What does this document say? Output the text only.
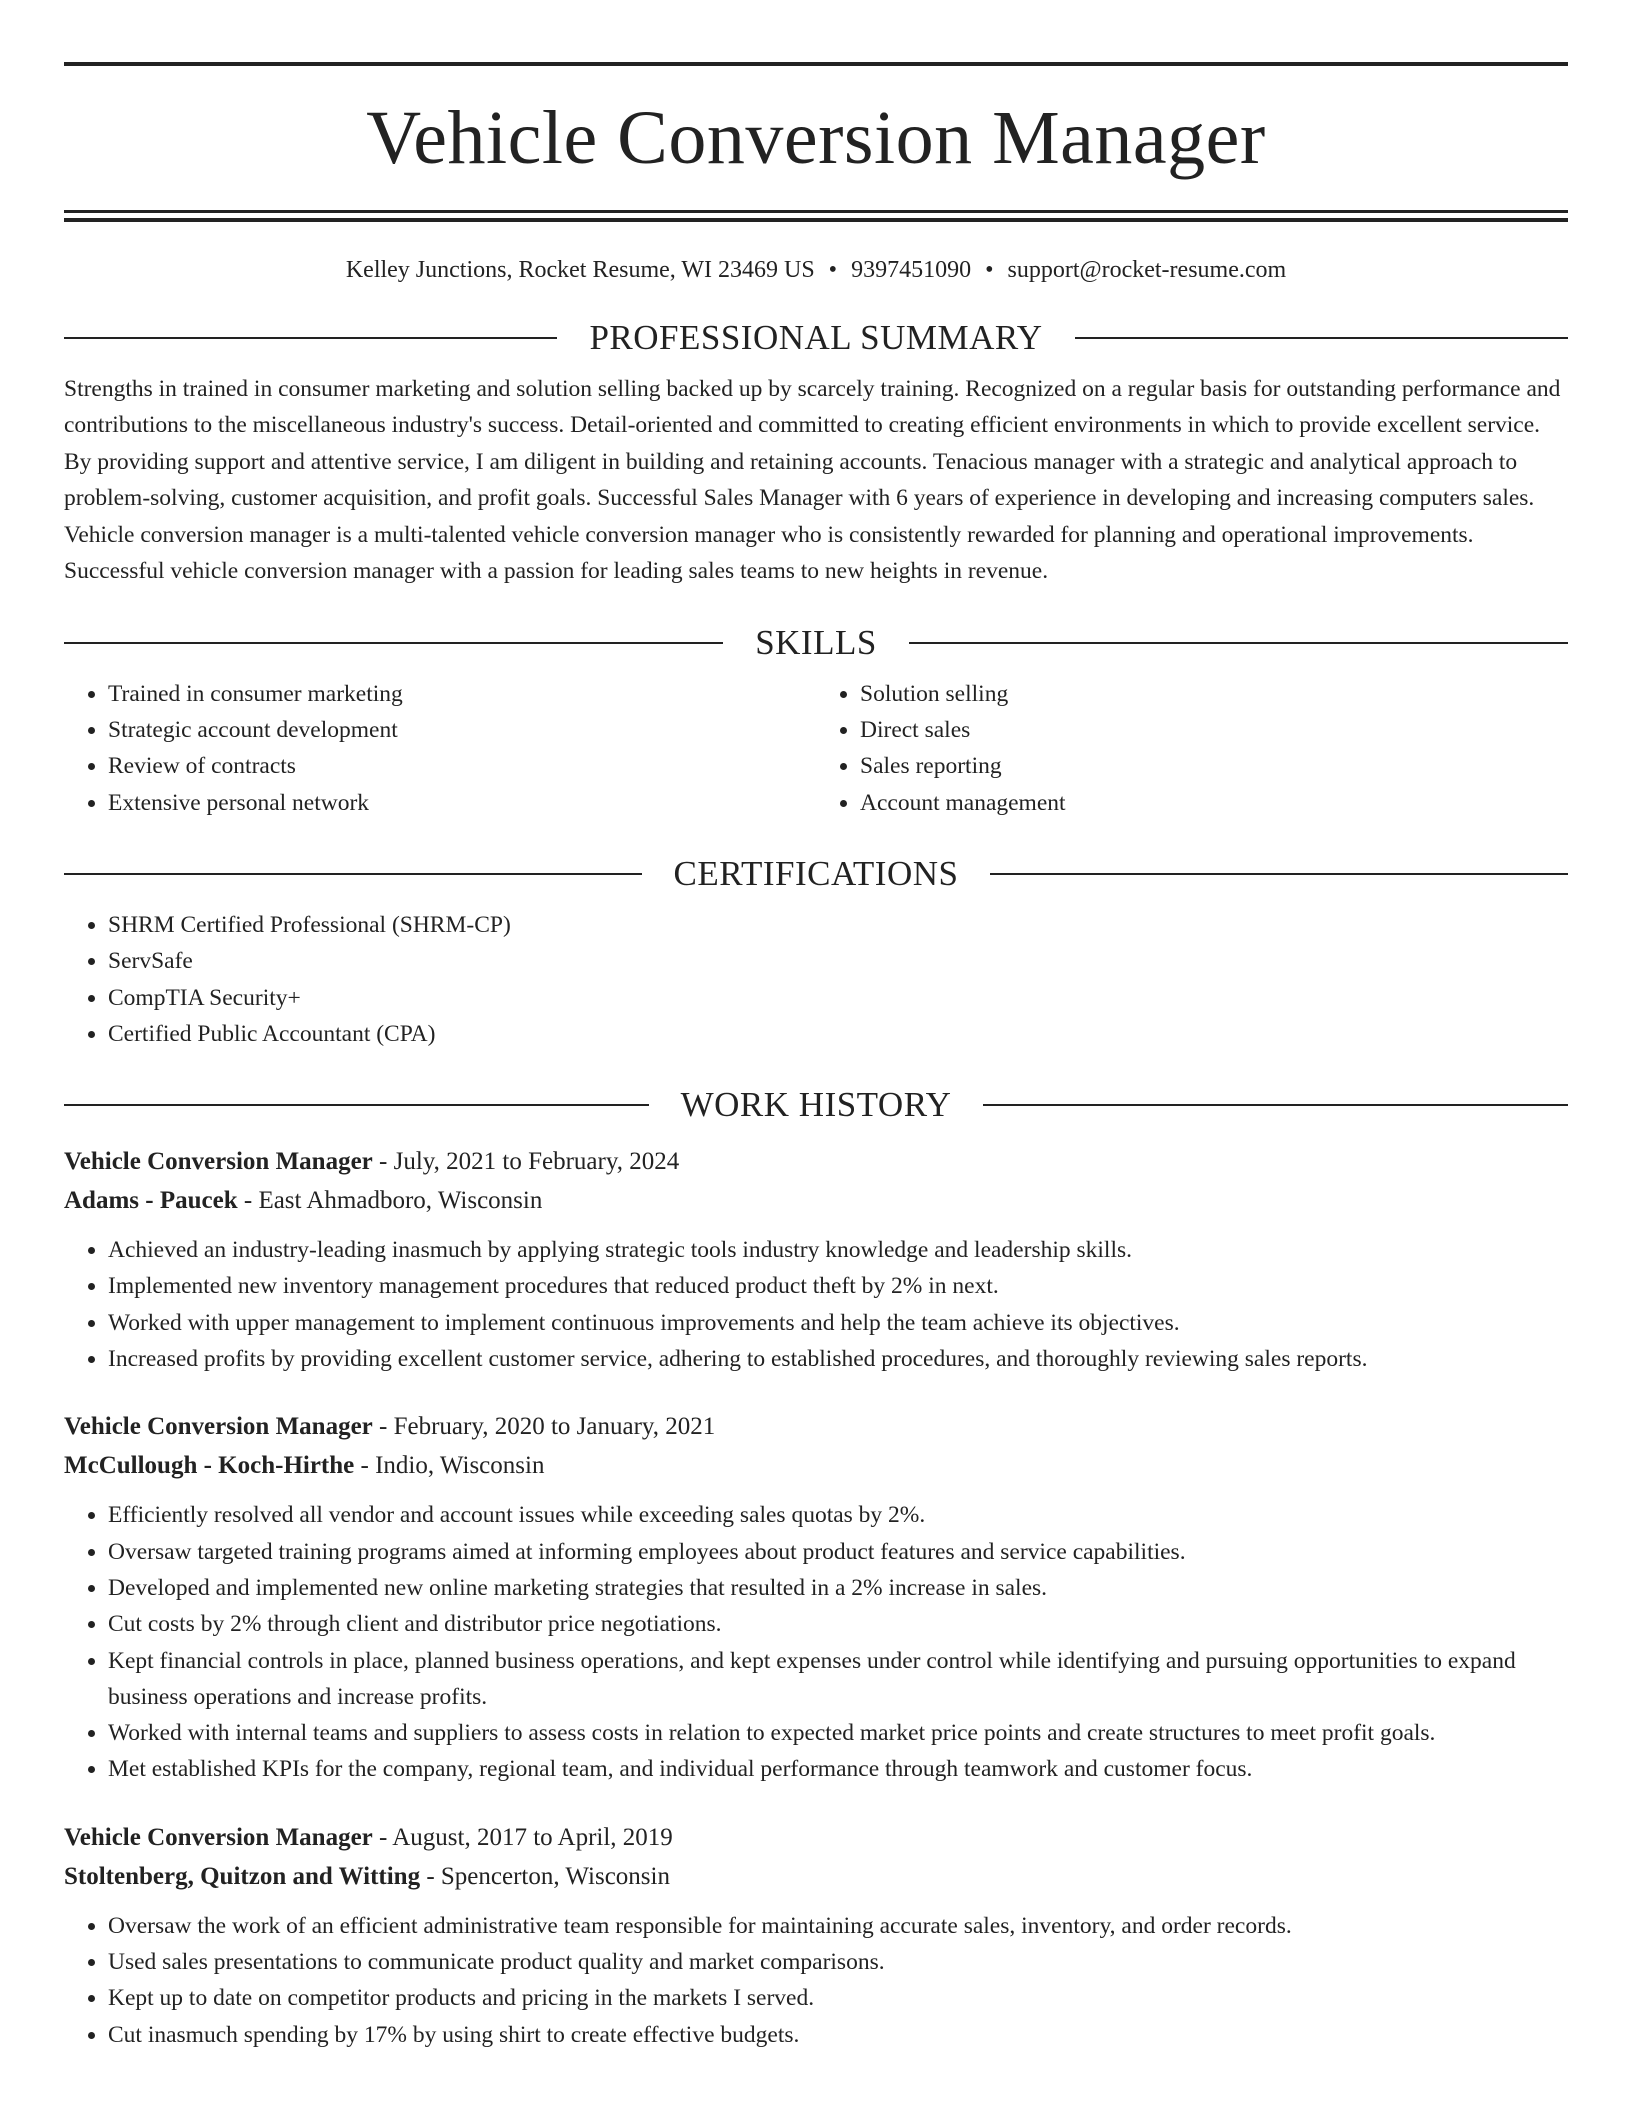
Vehicle Conversion Manager
Kelley Junctions, Rocket Resume, WI 23469 US • 9397451090 • support@rocket-resume.com
PROFESSIONAL SUMMARY

Strengths in trained in consumer marketing and solution selling backed up by scarcely training. Recognized on a regular basis for outstanding performance and contributions to the miscellaneous industry's success. Detail-oriented and committed to creating efficient environments in which to provide excellent service. By providing support and attentive service, I am diligent in building and retaining accounts. Tenacious manager with a strategic and analytical approach to problem-solving, customer acquisition, and profit goals. Successful Sales Manager with 6 years of experience in developing and increasing computers sales. Vehicle conversion manager is a multi-talented vehicle conversion manager who is consistently rewarded for planning and operational improvements. Successful vehicle conversion manager with a passion for leading sales teams to new heights in revenue.

SKILLS
• Trained in consumer marketing
• Strategic account development
• Review of contracts
• Extensive personal network
• Solution selling
• Direct sales
• Sales reporting
• Account management
CERTIFICATIONS
• SHRM Certified Professional (SHRM-CP)
• ServSafe
• CompTIA Security+
• Certified Public Accountant (CPA)
WORK HISTORY
Vehicle Conversion Manager - July, 2021 to February, 2024
Adams - Paucek - East Ahmadboro, Wisconsin
• Achieved an industry-leading inasmuch by applying strategic tools industry knowledge and leadership skills.
• Implemented new inventory management procedures that reduced product theft by 2% in next.
• Worked with upper management to implement continuous improvements and help the team achieve its objectives.
• Increased profits by providing excellent customer service, adhering to established procedures, and thoroughly reviewing sales reports.
Vehicle Conversion Manager - February, 2020 to January, 2021
McCullough - Koch-Hirthe - Indio, Wisconsin
• Efficiently resolved all vendor and account issues while exceeding sales quotas by 2%.
• Oversaw targeted training programs aimed at informing employees about product features and service capabilities.
• Developed and implemented new online marketing strategies that resulted in a 2% increase in sales.
• Cut costs by 2% through client and distributor price negotiations.
• Kept financial controls in place, planned business operations, and kept expenses under control while identifying and pursuing opportunities to expand business operations and increase profits.
• Worked with internal teams and suppliers to assess costs in relation to expected market price points and create structures to meet profit goals.
• Met established KPIs for the company, regional team, and individual performance through teamwork and customer focus.
Vehicle Conversion Manager - August, 2017 to April, 2019
Stoltenberg, Quitzon and Witting - Spencerton, Wisconsin
• Oversaw the work of an efficient administrative team responsible for maintaining accurate sales, inventory, and order records.
• Used sales presentations to communicate product quality and market comparisons.
• Kept up to date on competitor products and pricing in the markets I served.
• Cut inasmuch spending by 17% by using shirt to create effective budgets.
